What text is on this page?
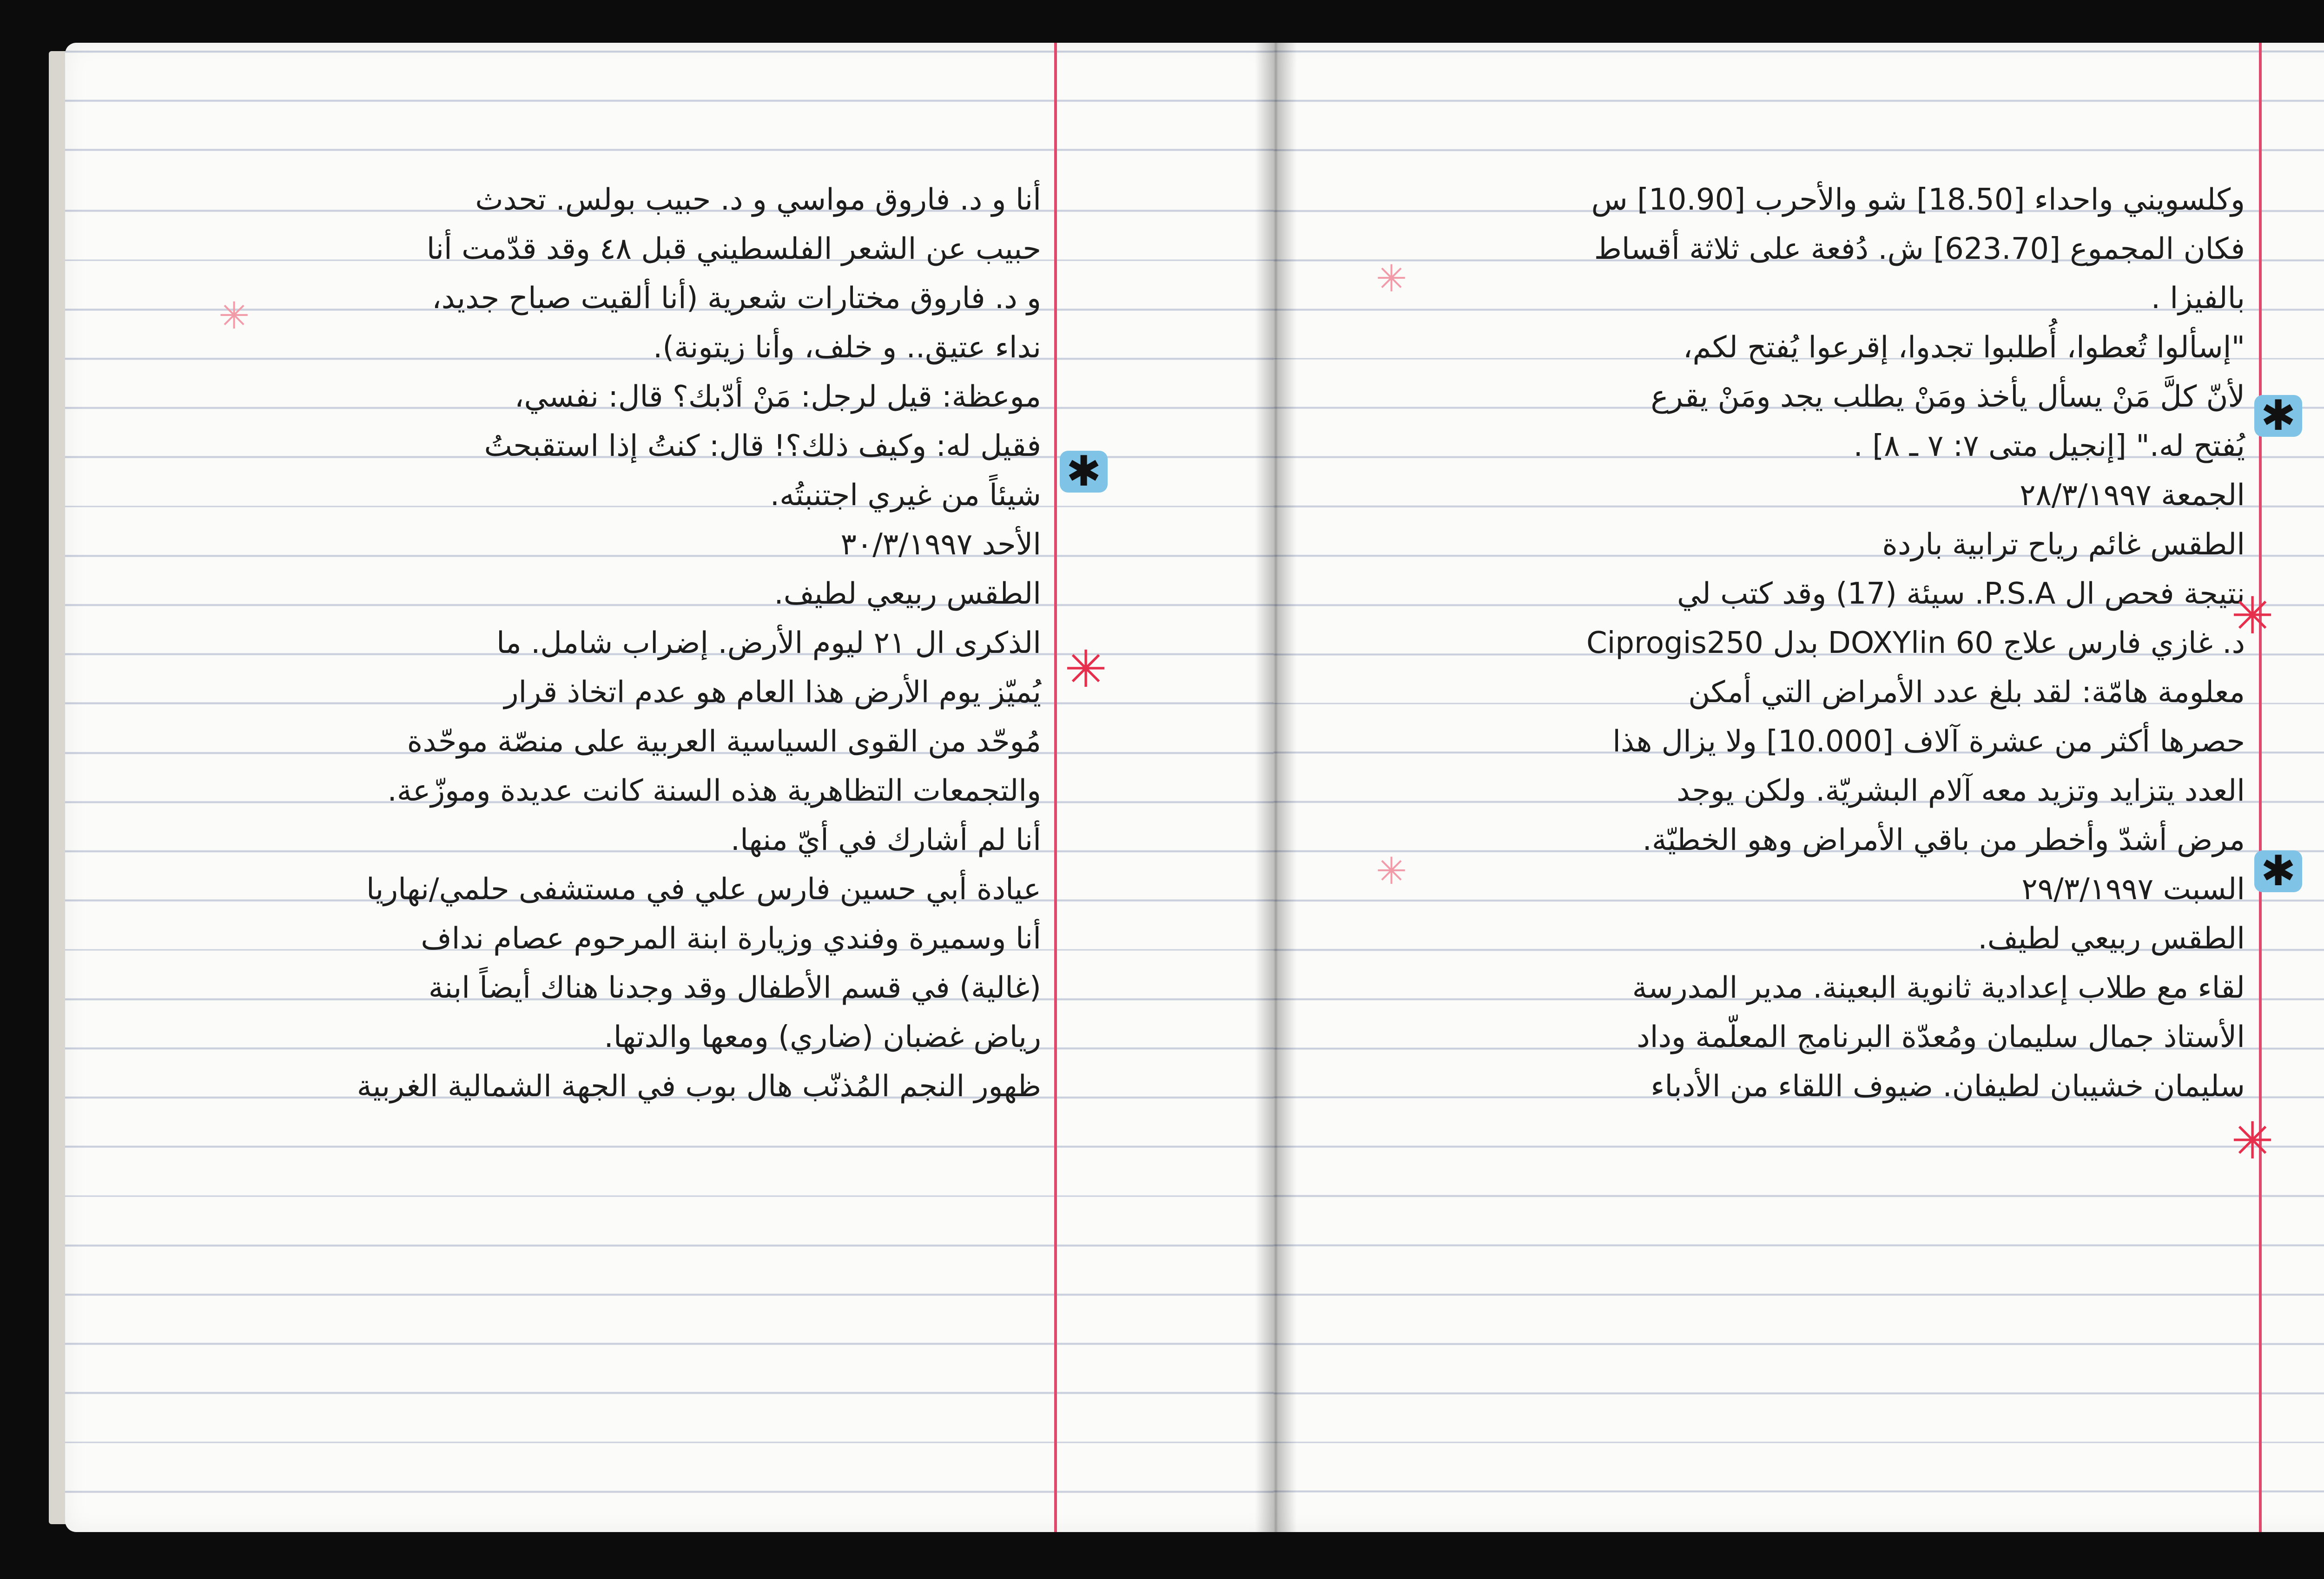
وكلسويني واحداء [18.50] شو والأحرب [10.90] س
فكان المجموع [623.70] ش. دُفعة على ثلاثة أقساط
بالفيزا .
"إسألوا تُعطوا، أُطلبوا تجدوا، إقرعوا يُفتح لكم،
لأنّ كلَّ مَنْ يسأل يأخذ ومَنْ يطلب يجد ومَنْ يقرع
يُفتح له." [إنجيل متى ٧: ٧ ـ ٨] .
الجمعة ٢٨/٣/١٩٩٧
الطقس غائم رياح ترابية باردة
نتيجة فحص ال P.S.A. سيئة (17) وقد كتب لي
د. غازي فارس علاج 60 DOXYlin بدل Ciprogis250
معلومة هامّة: لقد بلغ عدد الأمراض التي أمكن
حصرها أكثر من عشرة آلاف [10.000] ولا يزال هذا
العدد يتزايد وتزيد معه آلام البشريّة. ولكن يوجد
مرض أشدّ وأخطر من باقي الأمراض وهو الخطيّة.
السبت ٢٩/٣/١٩٩٧
الطقس ربيعي لطيف.
لقاء مع طلاب إعدادية ثانوية البعينة. مدير المدرسة
الأستاذ جمال سليمان ومُعدّة البرنامج المعلّمة وداد
سليمان خشيبان لطيفان. ضيوف اللقاء من الأدباء
أنا و د. فاروق مواسي و د. حبيب بولس. تحدث
حبيب عن الشعر الفلسطيني قبل ٤٨ وقد قدّمت أنا
و د. فاروق مختارات شعرية (أنا ألقيت صباح جديد،
نداء عتيق.. و خلف، وأنا زيتونة).
موعظة: قيل لرجل: مَنْ أدّبك؟ قال: نفسي،
فقيل له: وكيف ذلك؟! قال: كنتُ إذا استقبحتُ
شيئاً من غيري اجتنبتُه.
الأحد ٣٠/٣/١٩٩٧
الطقس ربيعي لطيف.
الذكرى ال ٢١ ليوم الأرض. إضراب شامل. ما
يُميّز يوم الأرض هذا العام هو عدم اتخاذ قرار
مُوحّد من القوى السياسية العربية على منصّة موحّدة
والتجمعات التظاهرية هذه السنة كانت عديدة وموزّعة.
أنا لم أشارك في أيّ منها.
عيادة أبي حسين فارس علي في مستشفى حلمي/نهاريا
أنا وسميرة وفندي وزيارة ابنة المرحوم عصام نداف
(غالية) في قسم الأطفال وقد وجدنا هناك أيضاً ابنة
رياض غضبان (ضاري) ومعها والدتها.
ظهور النجم المُذنّب هال بوب في الجهة الشمالية الغربية
✳
✱
✳
✳	✱
✳
✳
✱
✳
